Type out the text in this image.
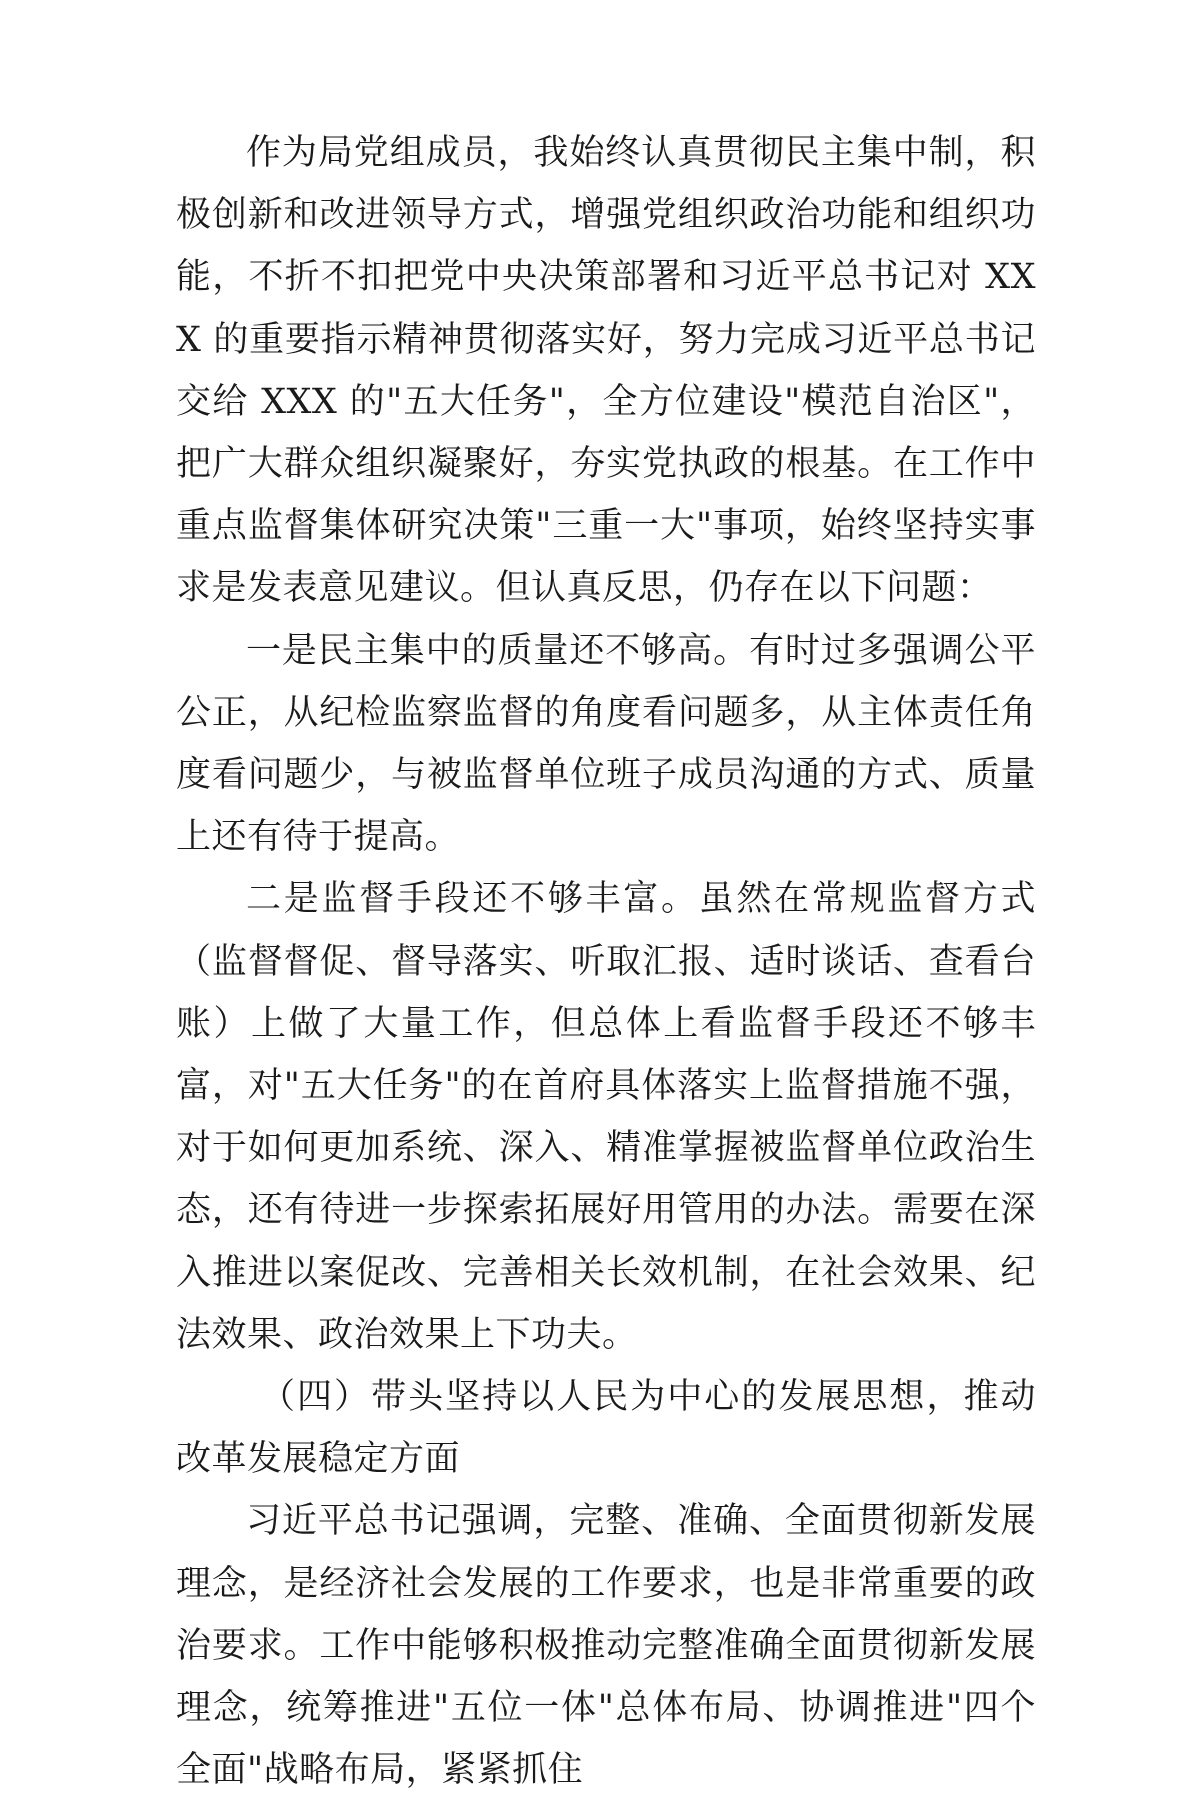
作为局党组成员，我始终认真贯彻民主集中制，积极创新和改进领导方式，增强党组织政治功能和组织功能，不折不扣把党中央决策部署和习近平总书记对 XXX 的重要指示精神贯彻落实好，努力完成习近平总书记交给 XXX 的"五大任务"，全方位建设"模范自治区"，把广大群众组织凝聚好，夯实党执政的根基。在工作中重点监督集体研究决策"三重一大"事项，始终坚持实事求是发表意见建议。但认真反思，仍存在以下问题：

一是民主集中的质量还不够高。有时过多强调公平公正，从纪检监察监督的角度看问题多，从主体责任角度看问题少，与被监督单位班子成员沟通的方式、质量上还有待于提高。

二是监督手段还不够丰富。虽然在常规监督方式（监督督促、督导落实、听取汇报、适时谈话、查看台账）上做了大量工作，但总体上看监督手段还不够丰富，对"五大任务"的在首府具体落实上监督措施不强，对于如何更加系统、深入、精准掌握被监督单位政治生态，还有待进一步探索拓展好用管用的办法。需要在深入推进以案促改、完善相关长效机制，在社会效果、纪法效果、政治效果上下功夫。

（四）带头坚持以人民为中心的发展思想，推动改革发展稳定方面

习近平总书记强调，完整、准确、全面贯彻新发展理念，是经济社会发展的工作要求，也是非常重要的政治要求。工作中能够积极推动完整准确全面贯彻新发展理念，统筹推进"五位一体"总体布局、协调推进"四个全面"战略布局，紧紧抓住
